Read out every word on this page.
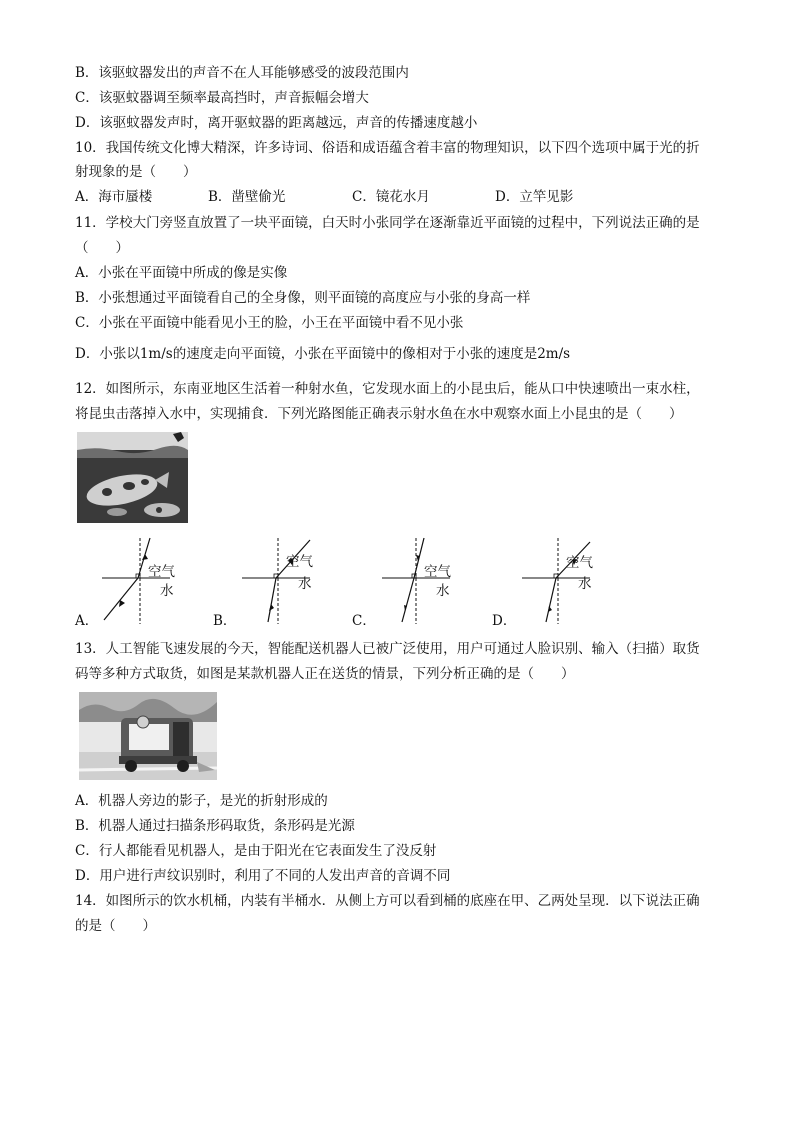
B．该驱蚊器发出的声音不在人耳能够感受的波段范围内
C．该驱蚊器调至频率最高挡时，声音振幅会增大
D．该驱蚊器发声时，离开驱蚊器的距离越远，声音的传播速度越小
10．我国传统文化博大精深，许多诗词、俗语和成语蕴含着丰富的物理知识，以下四个选项中属于光的折
射现象的是（　　）
A．海市蜃楼	B．凿壁偷光	C．镜花水月	D．立竿见影
11．学校大门旁竖直放置了一块平面镜，白天时小张同学在逐渐靠近平面镜的过程中，下列说法正确的是
（　　）
A．小张在平面镜中所成的像是实像
B．小张想通过平面镜看自己的全身像，则平面镜的高度应与小张的身高一样
C．小张在平面镜中能看见小王的脸，小王在平面镜中看不见小张
D．小张以1m/s的速度走向平面镜，小张在平面镜中的像相对于小张的速度是2m/s
12．如图所示，东南亚地区生活着一种射水鱼，它发现水面上的小昆虫后，能从口中快速喷出一束水柱，
将昆虫击落掉入水中，实现捕食．下列光路图能正确表示射水鱼在水中观察水面上小昆虫的是（　　）
空气
水
A．
空气
水
B．
空气
水
C．
空气
水
D．
13．人工智能飞速发展的今天，智能配送机器人已被广泛使用，用户可通过人脸识别、输入（扫描）取货
码等多种方式取货，如图是某款机器人正在送货的情景，下列分析正确的是（　　）
A．机器人旁边的影子，是光的折射形成的
B．机器人通过扫描条形码取货，条形码是光源
C．行人都能看见机器人，是由于阳光在它表面发生了没反射
D．用户进行声纹识别时，利用了不同的人发出声音的音调不同
14．如图所示的饮水机桶，内装有半桶水．从侧上方可以看到桶的底座在甲、乙两处呈现．以下说法正确
的是（　　）
